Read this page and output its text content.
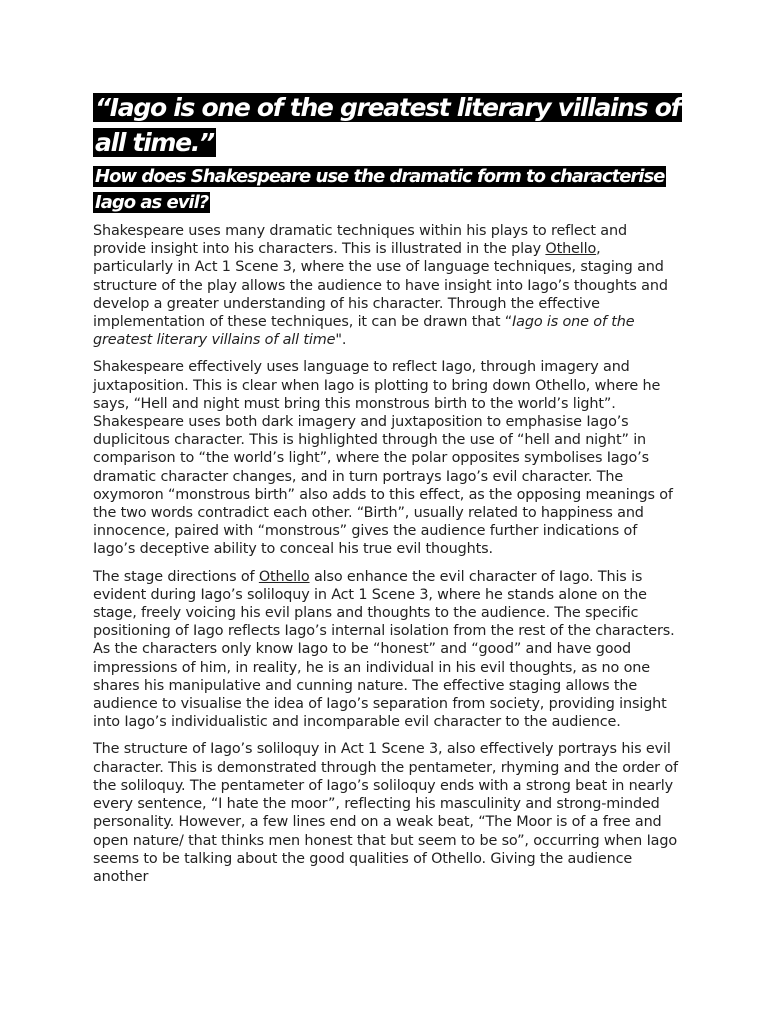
“Iago is one of the greatest literary villains of all time.”
How does Shakespeare use the dramatic form to characterise Iago as evil?

Shakespeare uses many dramatic techniques within his plays to reflect and provide insight into his characters. This is illustrated in the play Othello, particularly in Act 1 Scene 3, where the use of language techniques, staging and structure of the play allows the audience to have insight into Iago’s thoughts and develop a greater understanding of his character. Through the effective implementation of these techniques, it can be drawn that “Iago is one of the greatest literary villains of all time".

Shakespeare effectively uses language to reflect Iago, through imagery and juxtaposition. This is clear when Iago is plotting to bring down Othello, where he says, “Hell and night must bring this monstrous birth to the world’s light”. Shakespeare uses both dark imagery and juxtaposition to emphasise Iago’s duplicitous character. This is highlighted through the use of “hell and night” in comparison to “the world’s light”, where the polar opposites symbolises Iago’s dramatic character changes, and in turn portrays Iago’s evil character. The oxymoron “monstrous birth” also adds to this effect, as the opposing meanings of the two words contradict each other. “Birth”, usually related to happiness and innocence, paired with “monstrous” gives the audience further indications of Iago’s deceptive ability to conceal his true evil thoughts.

The stage directions of Othello also enhance the evil character of Iago. This is evident during Iago’s soliloquy in Act 1 Scene 3, where he stands alone on the stage, freely voicing his evil plans and thoughts to the audience. The specific positioning of Iago reflects Iago’s internal isolation from the rest of the characters. As the characters only know Iago to be “honest” and “good” and have good impressions of him, in reality, he is an individual in his evil thoughts, as no one shares his manipulative and cunning nature. The effective staging allows the audience to visualise the idea of Iago’s separation from society, providing insight into Iago’s individualistic and incomparable evil character to the audience.

The structure of Iago’s soliloquy in Act 1 Scene 3, also effectively portrays his evil character. This is demonstrated through the pentameter, rhyming and the order of the soliloquy. The pentameter of Iago’s soliloquy ends with a strong beat in nearly every sentence, “I hate the moor”, reflecting his masculinity and strong-minded personality. However, a few lines end on a weak beat, “The Moor is of a free and open nature/ that thinks men honest that but seem to be so”, occurring when Iago seems to be talking about the good qualities of Othello. Giving the audience another
